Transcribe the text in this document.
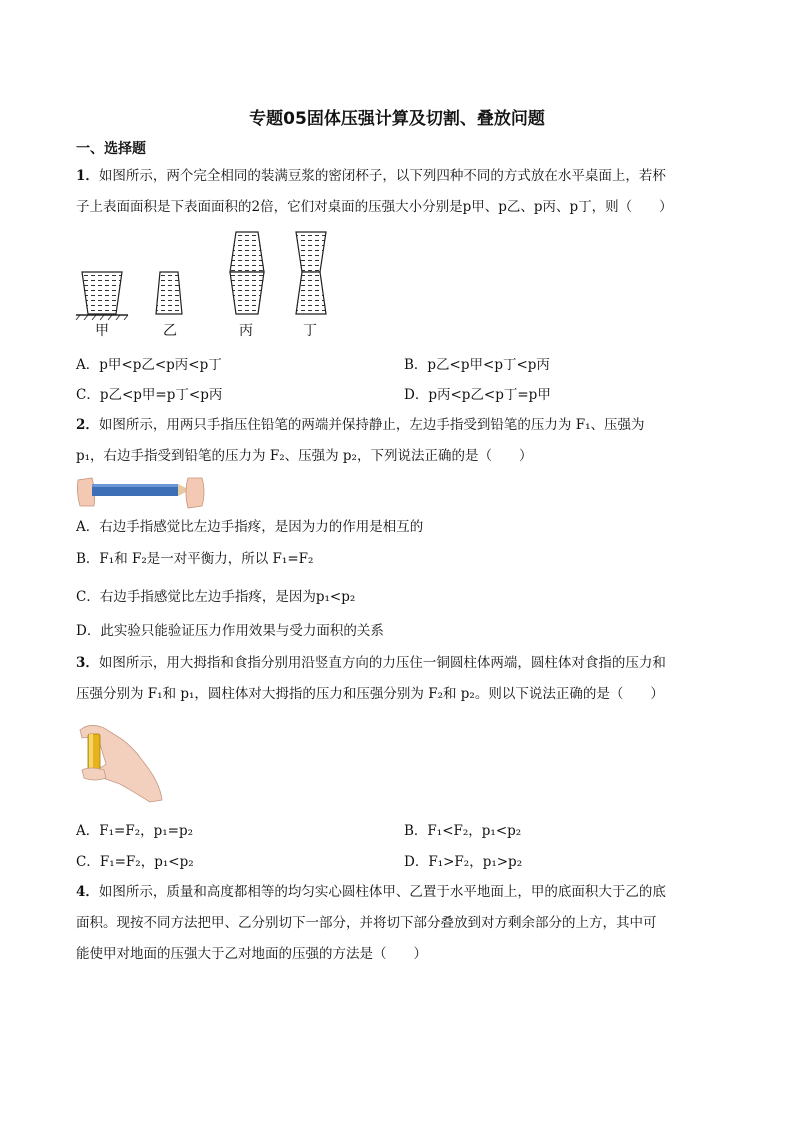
专题05固体压强计算及切割、叠放问题
一、选择题
1．如图所示，两个完全相同的装满豆浆的密闭杯子，以下列四种不同的方式放在水平桌面上，若杯
子上表面面积是下表面面积的2倍，它们对桌面的压强大小分别是p甲、p乙、p丙、p丁，则（　　）
甲	乙	丙	丁
A．p甲<p乙<p丙<p丁	B．p乙<p甲<p丁<p丙
C．p乙<p甲=p丁<p丙	D．p丙<p乙<p丁=p甲
2．如图所示，用两只手指压住铅笔的两端并保持静止，左边手指受到铅笔的压力为 F₁、压强为
p₁，右边手指受到铅笔的压力为 F₂、压强为 p₂，下列说法正确的是（　　）
A．右边手指感觉比左边手指疼，是因为力的作用是相互的
B．F₁和 F₂是一对平衡力，所以 F₁=F₂
C．右边手指感觉比左边手指疼，是因为p₁<p₂
D．此实验只能验证压力作用效果与受力面积的关系
3．如图所示，用大拇指和食指分别用沿竖直方向的力压住一铜圆柱体两端，圆柱体对食指的压力和
压强分别为 F₁和 p₁，圆柱体对大拇指的压力和压强分别为 F₂和 p₂。则以下说法正确的是（　　）
A．F₁=F₂，p₁=p₂	B．F₁<F₂，p₁<p₂
C．F₁=F₂，p₁<p₂	D．F₁>F₂，p₁>p₂
4．如图所示，质量和高度都相等的均匀实心圆柱体甲、乙置于水平地面上，甲的底面积大于乙的底
面积。现按不同方法把甲、乙分别切下一部分，并将切下部分叠放到对方剩余部分的上方，其中可
能使甲对地面的压强大于乙对地面的压强的方法是（　　）
